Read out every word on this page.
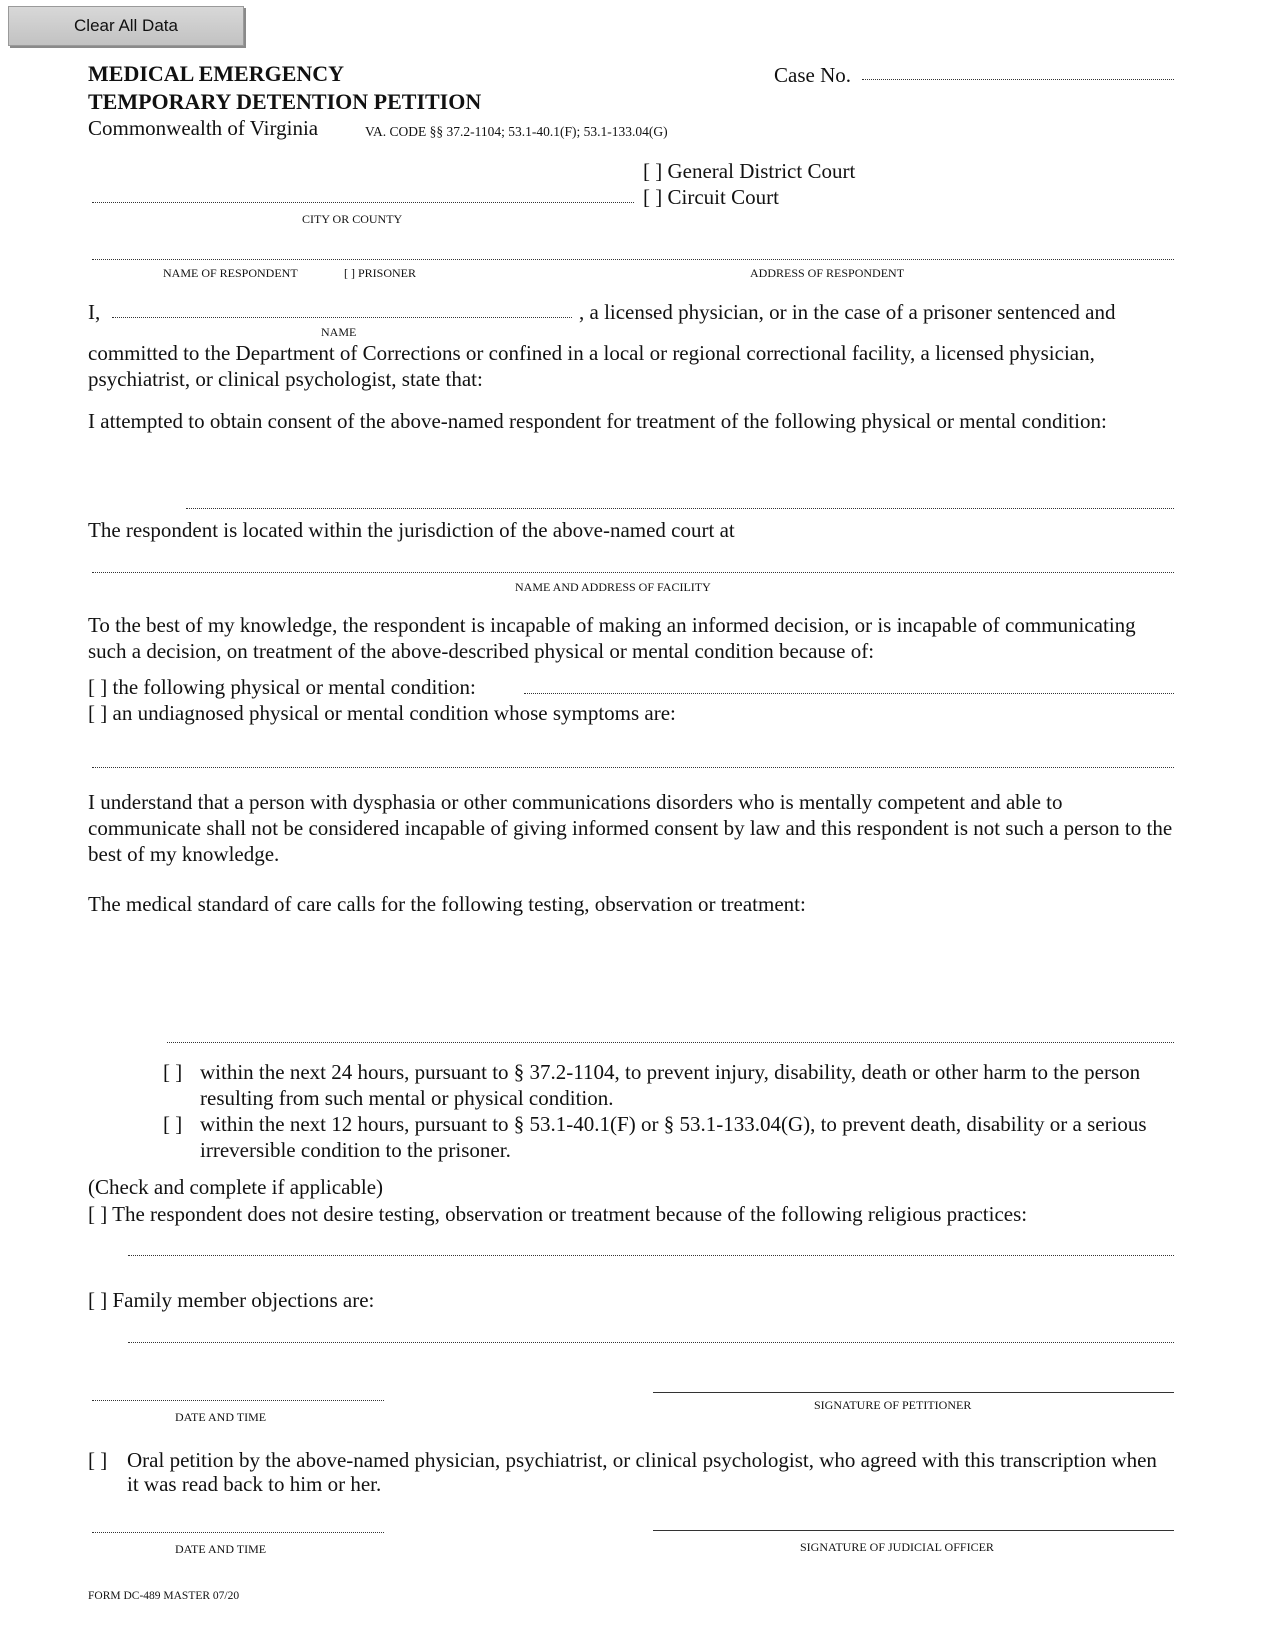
Clear All Data
MEDICAL EMERGENCY
TEMPORARY DETENTION PETITION
Commonwealth of Virginia	VA. CODE §§ 37.2-1104; 53.1-40.1(F); 53.1-133.04(G)
Case No.
[ ] General District Court
[ ] Circuit Court
CITY OR COUNTY
NAME OF RESPONDENT	[ ] PRISONER	ADDRESS OF RESPONDENT
I,	, a licensed physician, or in the case of a prisoner sentenced and
NAME
committed to the Department of Corrections or confined in a local or regional correctional facility, a licensed physician, psychiatrist, or clinical psychologist, state that:
I attempted to obtain consent of the above-named respondent for treatment of the following physical or mental condition:
The respondent is located within the jurisdiction of the above-named court at
NAME AND ADDRESS OF FACILITY
To the best of my knowledge, the respondent is incapable of making an informed decision, or is incapable of communicating such a decision, on treatment of the above-described physical or mental condition because of:
[ ] the following physical or mental condition:
[ ] an undiagnosed physical or mental condition whose symptoms are:
I understand that a person with dysphasia or other communications disorders who is mentally competent and able to communicate shall not be considered incapable of giving informed consent by law and this respondent is not such a person to the best of my knowledge.
The medical standard of care calls for the following testing, observation or treatment:
[ ] within the next 24 hours, pursuant to § 37.2-1104, to prevent injury, disability, death or other harm to the person resulting from such mental or physical condition.
[ ] within the next 12 hours, pursuant to § 53.1-40.1(F) or § 53.1-133.04(G), to prevent death, disability or a serious irreversible condition to the prisoner.
(Check and complete if applicable)
[ ] The respondent does not desire testing, observation or treatment because of the following religious practices:
[ ] Family member objections are:
DATE AND TIME
SIGNATURE OF PETITIONER
[ ] Oral petition by the above-named physician, psychiatrist, or clinical psychologist, who agreed with this transcription when it was read back to him or her.
DATE AND TIME	SIGNATURE OF JUDICIAL OFFICER
FORM DC-489 MASTER 07/20
